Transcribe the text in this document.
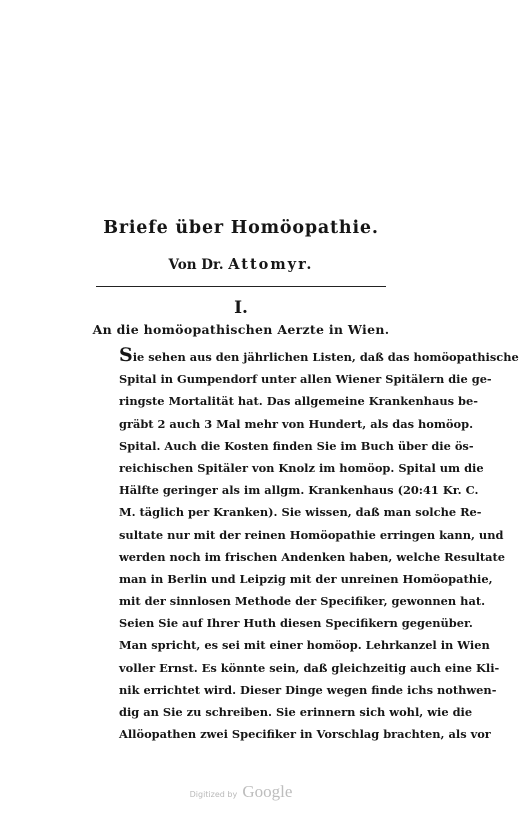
Briefe über Homöopathie.
Von Dr. Attomyr.
I.
An die homöopathischen Aerzte in Wien.
Sie sehen aus den jährlichen Listen, daß das homöopathische
Spital in Gumpendorf unter allen Wiener Spitälern die ge-
ringste Mortalität hat. Das allgemeine Krankenhaus be-
gräbt 2 auch 3 Mal mehr von Hundert, als das homöop.
Spital. Auch die Kosten finden Sie im Buch über die ös-
reichischen Spitäler von Knolz im homöop. Spital um die
Hälfte geringer als im allgm. Krankenhaus (20:41 Kr. C.
M. täglich per Kranken). Sie wissen, daß man solche Re-
sultate nur mit der reinen Homöopathie erringen kann, und
werden noch im frischen Andenken haben, welche Resultate
man in Berlin und Leipzig mit der unreinen Homöopathie,
mit der sinnlosen Methode der Specifiker, gewonnen hat.
Seien Sie auf Ihrer Huth diesen Specifikern gegenüber.
Man spricht, es sei mit einer homöop. Lehrkanzel in Wien
voller Ernst. Es könnte sein, daß gleichzeitig auch eine Kli-
nik errichtet wird. Dieser Dinge wegen finde ichs nothwen-
dig an Sie zu schreiben. Sie erinnern sich wohl, wie die
Allöopathen zwei Specifiker in Vorschlag brachten, als vor
Digitized by Google
